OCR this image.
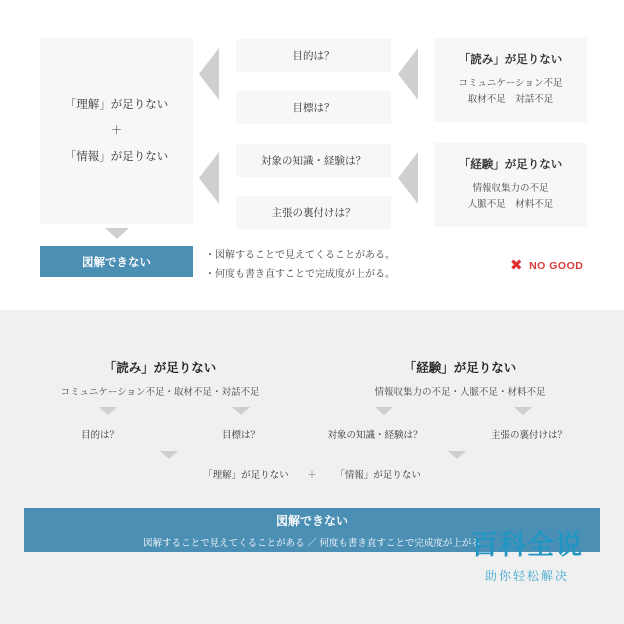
「理解」が足りない
＋
「情報」が足りない
目的は？
目標は？
対象の知識・経験は？
主張の裏付けは？
「読み」が足りない
コミュニケーション不足
取材不足　対話不足
「経験」が足りない
情報収集力の不足
人脈不足　材料不足
図解できない
・図解することで見えてくることがある。
・何度も書き直すことで完成度が上がる。
✖ NO GOOD
「読み」が足りない
コミュニケーション不足・取材不足・対話不足
「経験」が足りない
情報収集力の不足・人脈不足・材料不足
目的は？	目標は？	対象の知識・経験は？	主張の裏付けは？
「理解」が足りない ＋ 「情報」が足りない
図解できない
図解することで見えてくることがある ／ 何度も書き直すことで完成度が上がる
百科全说
助你轻松解决
